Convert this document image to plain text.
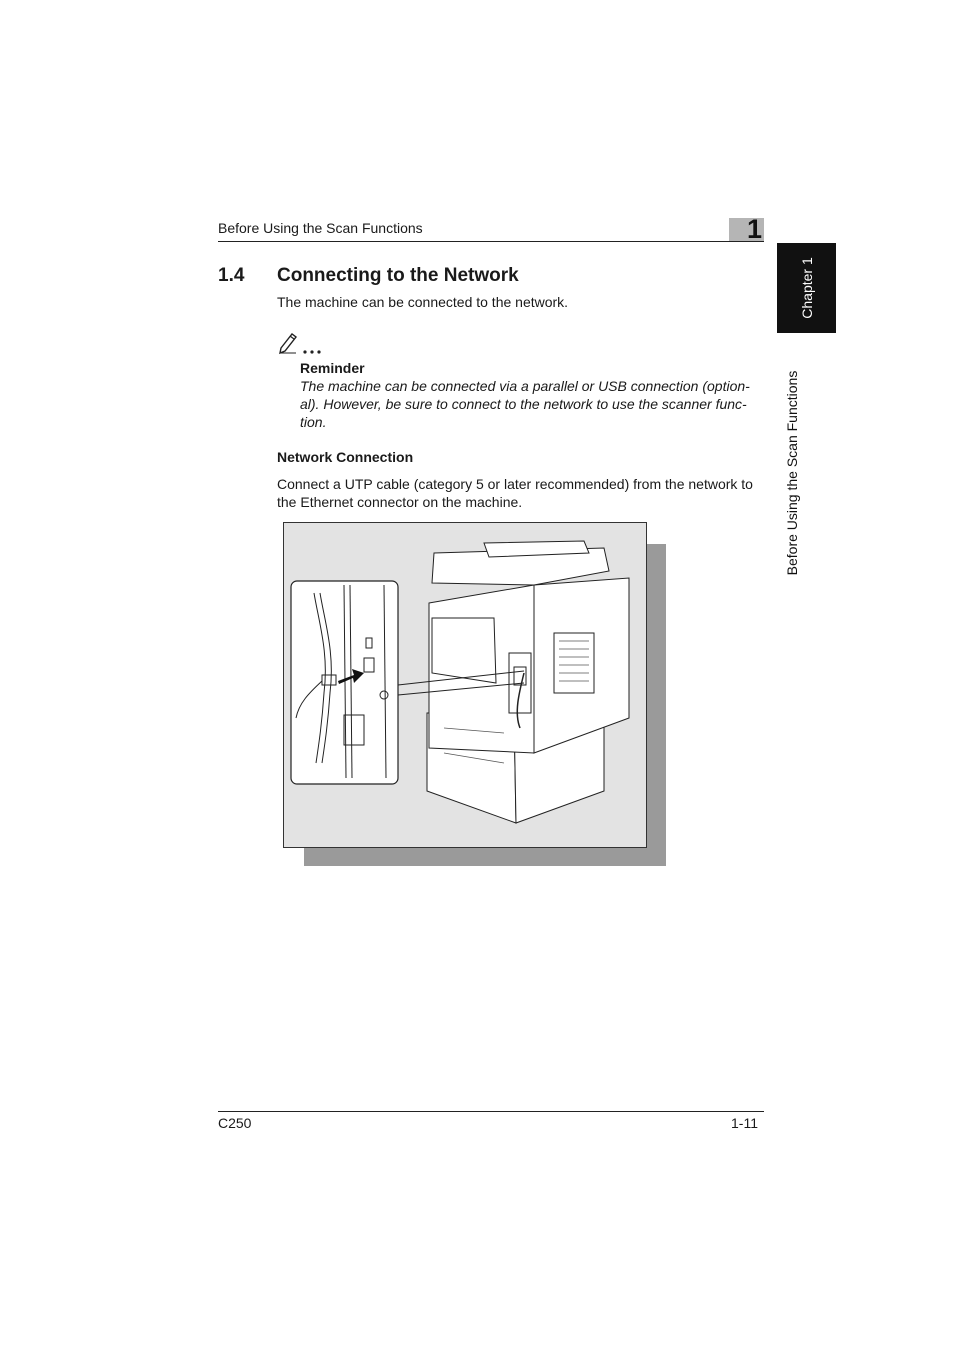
Before Using the Scan Functions	1
Chapter 1
Before Using the Scan Functions
1.4 Connecting to the Network
The machine can be connected to the network.
Reminder
The machine can be connected via a parallel or USB connection (option-
al). However, be sure to connect to the network to use the scanner func-
tion.
Network Connection
Connect a UTP cable (category 5 or later recommended) from the network to
the Ethernet connector on the machine.
C250	1-11
